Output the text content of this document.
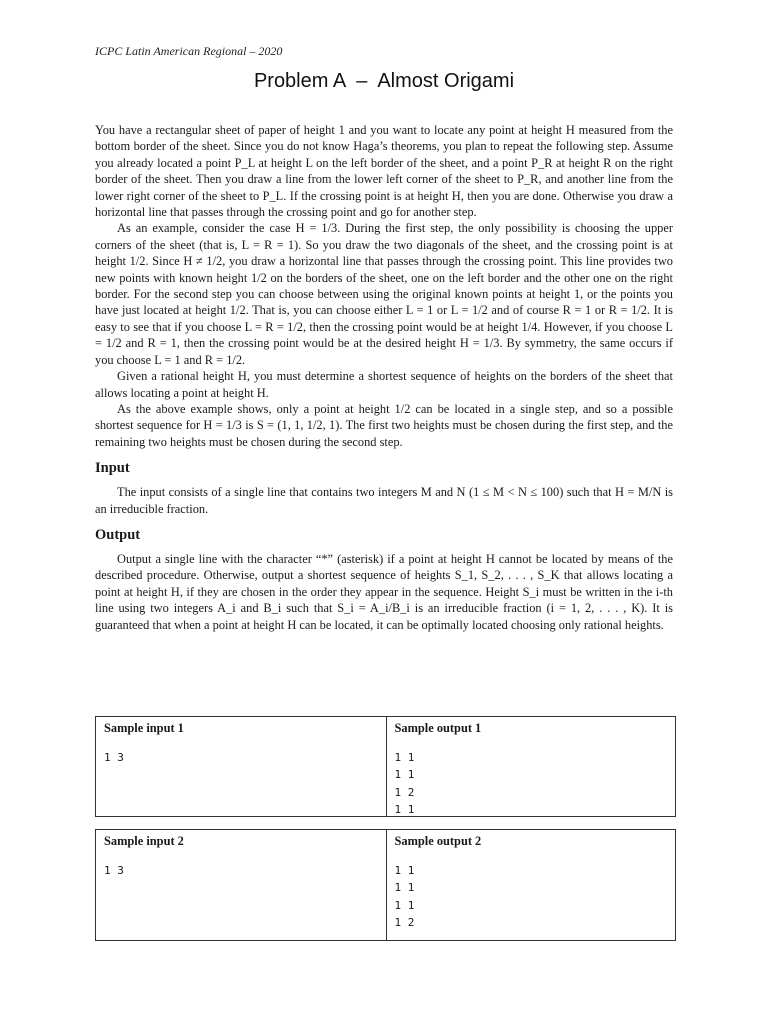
ICPC Latin American Regional – 2020
Problem A  –  Almost Origami

You have a rectangular sheet of paper of height 1 and you want to locate any point at height H measured from the bottom border of the sheet. Since you do not know Haga’s theorems, you plan to repeat the following step. Assume you already located a point P_L at height L on the left border of the sheet, and a point P_R at height R on the right border of the sheet. Then you draw a line from the lower left corner of the sheet to P_R, and another line from the lower right corner of the sheet to P_L. If the crossing point is at height H, then you are done. Otherwise you draw a horizontal line that passes through the crossing point and go for another step.

As an example, consider the case H = 1/3. During the first step, the only possibility is choosing the upper corners of the sheet (that is, L = R = 1). So you draw the two diagonals of the sheet, and the crossing point is at height 1/2. Since H ≠ 1/2, you draw a horizontal line that passes through the crossing point. This line provides two new points with known height 1/2 on the borders of the sheet, one on the left border and the other one on the right border. For the second step you can choose between using the original known points at height 1, or the points you have just located at height 1/2. That is, you can choose either L = 1 or L = 1/2 and of course R = 1 or R = 1/2. It is easy to see that if you choose L = R = 1/2, then the crossing point would be at height 1/4. However, if you choose L = 1/2 and R = 1, then the crossing point would be at the desired height H = 1/3. By symmetry, the same occurs if you choose L = 1 and R = 1/2.

Given a rational height H, you must determine a shortest sequence of heights on the borders of the sheet that allows locating a point at height H.

As the above example shows, only a point at height 1/2 can be located in a single step, and so a possible shortest sequence for H = 1/3 is S = (1, 1, 1/2, 1). The first two heights must be chosen during the first step, and the remaining two heights must be chosen during the second step.

Input

The input consists of a single line that contains two integers M and N (1 ≤ M < N ≤ 100) such that H = M/N is an irreducible fraction.

Output

Output a single line with the character “*” (asterisk) if a point at height H cannot be located by means of the described procedure. Otherwise, output a shortest sequence of heights S_1, S_2, . . . , S_K that allows locating a point at height H, if they are chosen in the order they appear in the sequence. Height S_i must be written in the i-th line using two integers A_i and B_i such that S_i = A_i/B_i is an irreducible fraction (i = 1, 2, . . . , K). It is guaranteed that when a point at height H can be located, it can be optimally located choosing only rational heights.

Sample input 1
1 3
Sample output 1
1 1
1 1
1 2
1 1
Sample input 2
1 3
Sample output 2
1 1
1 1
1 1
1 2
